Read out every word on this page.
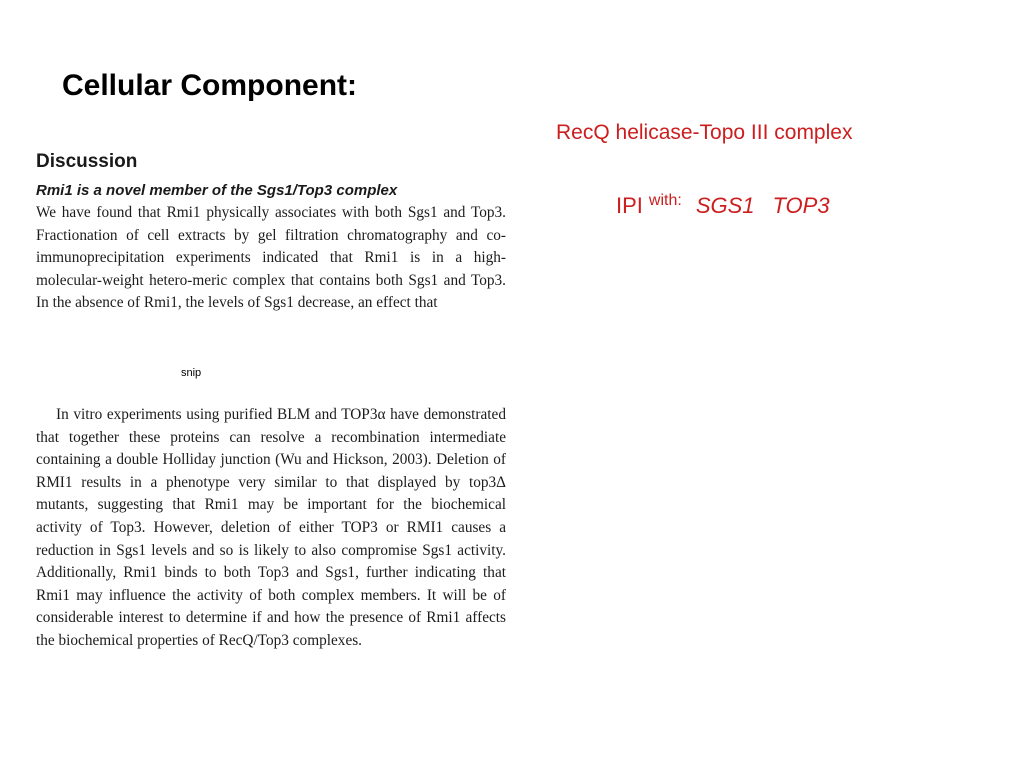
Cellular Component:
RecQ helicase-Topo III complex
IPI $^{with:}$ SGS1 TOP3
Discussion
Rmi1 is a novel member of the Sgs1/Top3 complex

We have found that Rmi1 physically associates with both Sgs1 and Top3. Fractionation of cell extracts by gel filtration chromatography and co-immunoprecipitation experiments indicated that Rmi1 is in a high-molecular-weight hetero-meric complex that contains both Sgs1 and Top3. In the absence of Rmi1, the levels of Sgs1 decrease, an effect that

snip

In vitro experiments using purified BLM and TOP3α have demonstrated that together these proteins can resolve a recombination intermediate containing a double Holliday junction (Wu and Hickson, 2003). Deletion of RMI1 results in a phenotype very similar to that displayed by top3Δ mutants, suggesting that Rmi1 may be important for the biochemical activity of Top3. However, deletion of either TOP3 or RMI1 causes a reduction in Sgs1 levels and so is likely to also compromise Sgs1 activity. Additionally, Rmi1 binds to both Top3 and Sgs1, further indicating that Rmi1 may influence the activity of both complex members. It will be of considerable interest to determine if and how the presence of Rmi1 affects the biochemical properties of RecQ/Top3 complexes.
